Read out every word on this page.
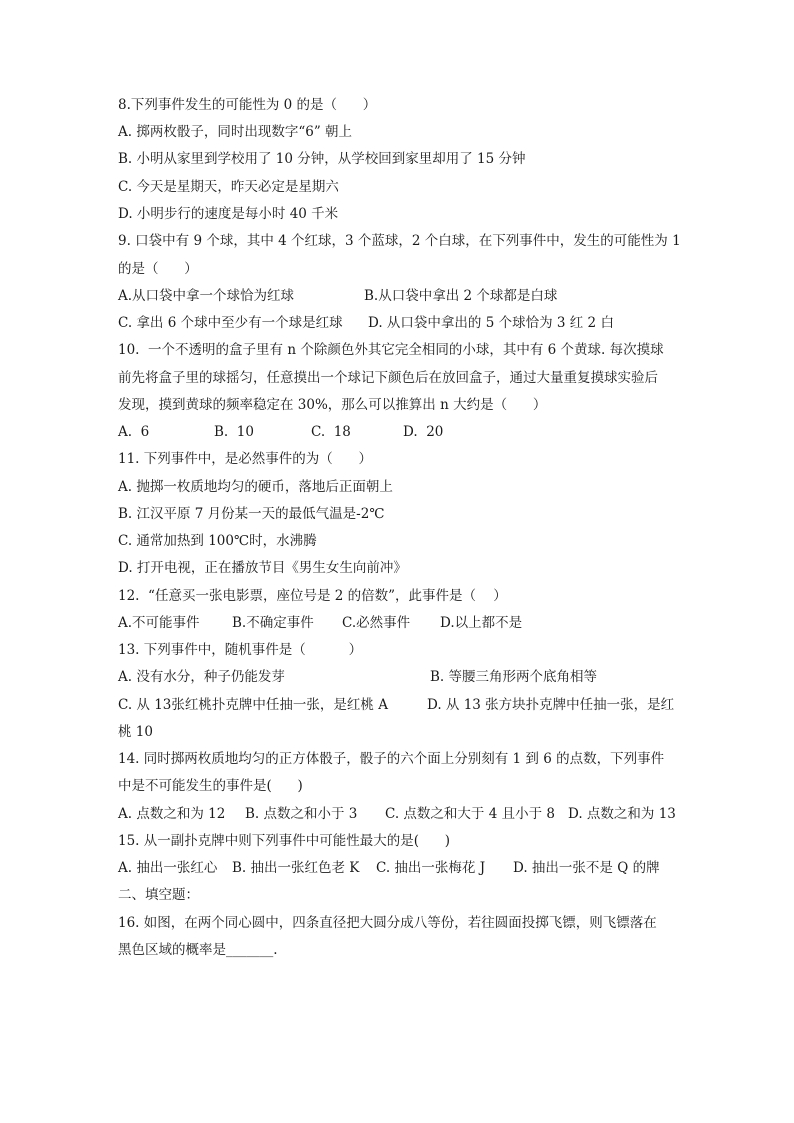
8.下列事件发生的可能性为 0 的是（      ）
A. 掷两枚骰子，同时出现数字“6” 朝上
B. 小明从家里到学校用了 10 分钟，从学校回到家里却用了 15 分钟
C. 今天是星期天，昨天必定是星期六
D. 小明步行的速度是每小时 40 千米
9. 口袋中有 9 个球，其中 4 个红球，3 个蓝球，2 个白球，在下列事件中，发生的可能性为 1
的是（      ）
A.从口袋中拿一个球恰为红球	B.从口袋中拿出 2 个球都是白球
C. 拿出 6 个球中至少有一个球是红球 D. 从口袋中拿出的 5 个球恰为 3 红 2 白
10.  一个不透明的盒子里有 n 个除颜色外其它完全相同的小球，其中有 6 个黄球. 每次摸球
前先将盒子里的球摇匀，任意摸出一个球记下颜色后在放回盒子，通过大量重复摸球实验后
发现，摸到黄球的频率稳定在 30%，那么可以推算出 n 大约是（      ）
A.  6	B.  10	C.  18	D.  20
11. 下列事件中，是必然事件的为（      ）
A. 抛掷一枚质地均匀的硬币，落地后正面朝上
B. 江汉平原 7 月份某一天的最低气温是-2℃
C. 通常加热到 100℃时，水沸腾
D. 打开电视，正在播放节目《男生女生向前冲》
12.  “任意买一张电影票，座位号是 2 的倍数”，此事件是（    ）
A.不可能事件 B.不确定事件 C.必然事件 D.以上都不是
13. 下列事件中，随机事件是（          ）
A. 没有水分，种子仍能发芽	B. 等腰三角形两个底角相等
C. 从 13张红桃扑克牌中任抽一张，是红桃 A	D. 从 13 张方块扑克牌中任抽一张，是红
桃 10
14. 同时掷两枚质地均匀的正方体骰子，骰子的六个面上分别刻有 1 到 6 的点数，下列事件
中是不可能发生的事件是(      )
A. 点数之和为 12 B. 点数之和小于 3 C. 点数之和大于 4 且小于 8 D. 点数之和为 13
15. 从一副扑克牌中则下列事件中可能性最大的是(      )
A. 抽出一张红心 B. 抽出一张红色老 K C. 抽出一张梅花 J D. 抽出一张不是 Q 的牌
二、填空题：
16. 如图，在两个同心圆中，四条直径把大圆分成八等份，若往圆面投掷飞镖，则飞镖落在
黑色区域的概率是_______.
